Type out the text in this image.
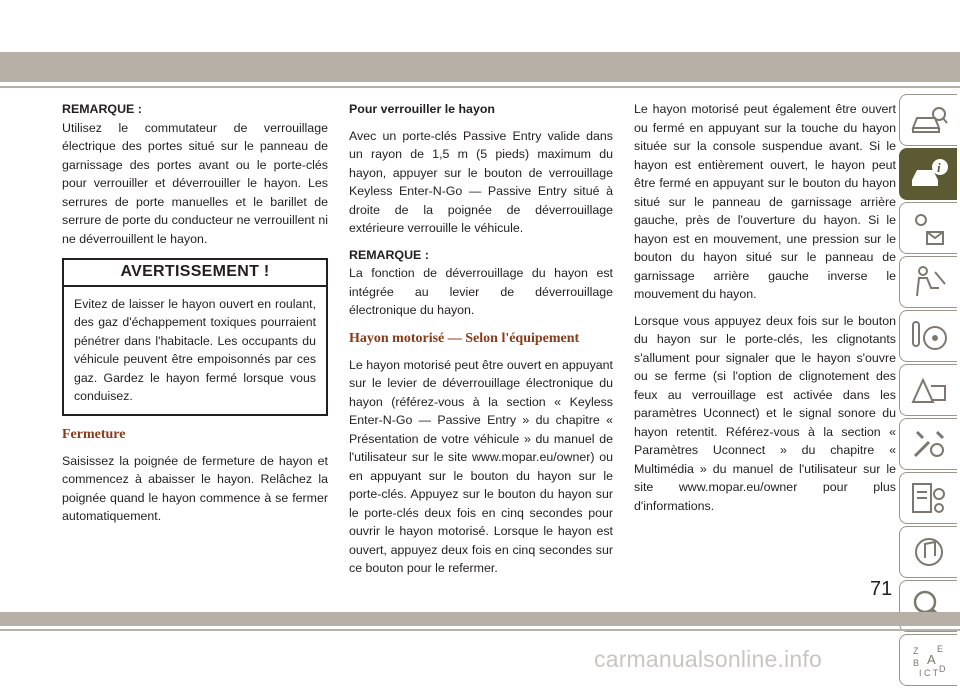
REMARQUE :

Utilisez le commutateur de verrouillage électrique des portes situé sur le panneau de garnissage des portes avant ou le porte-clés pour verrouiller et déverrouiller le hayon. Les serrures de porte manuelles et le barillet de serrure de porte du conducteur ne verrouillent ni ne déverrouillent le hayon.

AVERTISSEMENT !
Evitez de laisser le hayon ouvert en roulant, des gaz d'échappement toxiques pourraient pénétrer dans l'habitacle. Les occupants du véhicule peuvent être empoisonnés par ces gaz. Gardez le hayon fermé lorsque vous conduisez.
Fermeture

Saisissez la poignée de fermeture de hayon et commencez à abaisser le hayon. Relâchez la poignée quand le hayon commence à se fermer automatiquement.

Pour verrouiller le hayon

Avec un porte-clés Passive Entry valide dans un rayon de 1,5 m (5 pieds) maximum du hayon, appuyer sur le bouton de verrouillage Keyless Enter-N-Go — Passive Entry situé à droite de la poignée de déverrouillage extérieure verrouille le véhicule.

REMARQUE :

La fonction de déverrouillage du hayon est intégrée au levier de déverrouillage électronique du hayon.

Hayon motorisé — Selon l'équipement

Le hayon motorisé peut être ouvert en appuyant sur le levier de déverrouillage électronique du hayon (référez-vous à la section « Keyless Enter-N-Go — Passive Entry » du chapitre « Présentation de votre véhicule » du manuel de l'utilisateur sur le site www.mopar.eu/owner) ou en appuyant sur le bouton du hayon sur le porte-clés. Appuyez sur le bouton du hayon sur le porte-clés deux fois en cinq secondes pour ouvrir le hayon motorisé. Lorsque le hayon est ouvert, appuyez deux fois en cinq secondes sur ce bouton pour le refermer.

Le hayon motorisé peut également être ouvert ou fermé en appuyant sur la touche du hayon située sur la console suspendue avant. Si le hayon est entièrement ouvert, le hayon peut être fermé en appuyant sur le bouton du hayon situé sur le panneau de garnissage arrière gauche, près de l'ouverture du hayon. Si le hayon est en mouvement, une pression sur le bouton du hayon situé sur le panneau de garnissage arrière gauche inverse le mouvement du hayon.

Lorsque vous appuyez deux fois sur le bouton du hayon sur le porte-clés, les clignotants s'allument pour signaler que le hayon s'ouvre ou se ferme (si l'option de clignotement des feux au verrouillage est activée dans les paramètres Uconnect) et le signal sonore du hayon retentit. Référez-vous à la section « Paramètres Uconnect » du chapitre « Multimédia » du manuel de l'utilisateur sur le site www.mopar.eu/owner pour plus d'informations.

i
Z E
A
B
D
I C T
71
carmanualsonline.info
